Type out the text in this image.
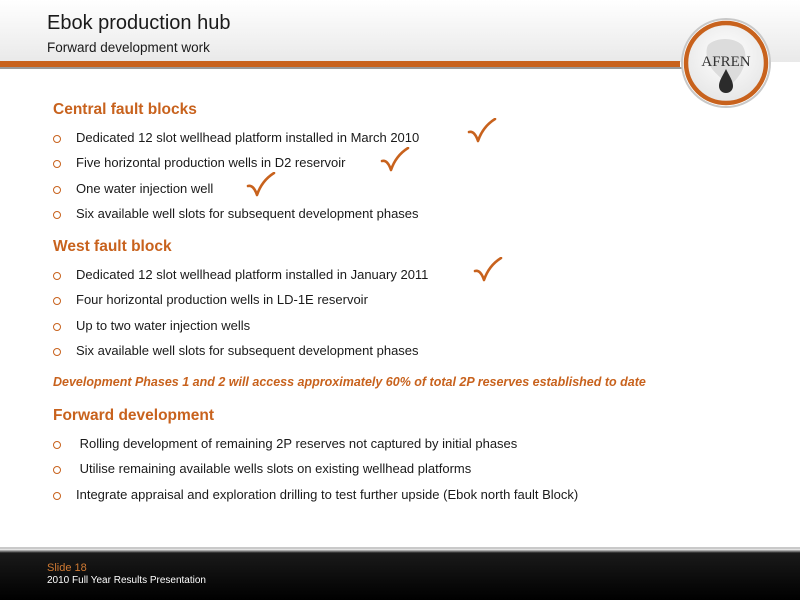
Ebok production hub
Forward development work
AFREN
Central fault blocks
Dedicated 12 slot wellhead platform installed in March 2010
Five horizontal production wells in D2 reservoir
One water injection well
Six available well slots for subsequent development phases
West fault block
Dedicated 12 slot wellhead platform installed in January 2011
Four horizontal production wells in LD-1E reservoir
Up to two water injection wells
Six available well slots for subsequent development phases
Development Phases 1 and 2 will access approximately 60% of total 2P reserves established to date
Forward development
Rolling development of remaining 2P reserves not captured by initial phases
Utilise remaining available wells slots on existing wellhead platforms
Integrate appraisal and exploration drilling to test further upside (Ebok north fault Block)
Slide 18
2010 Full Year Results Presentation
